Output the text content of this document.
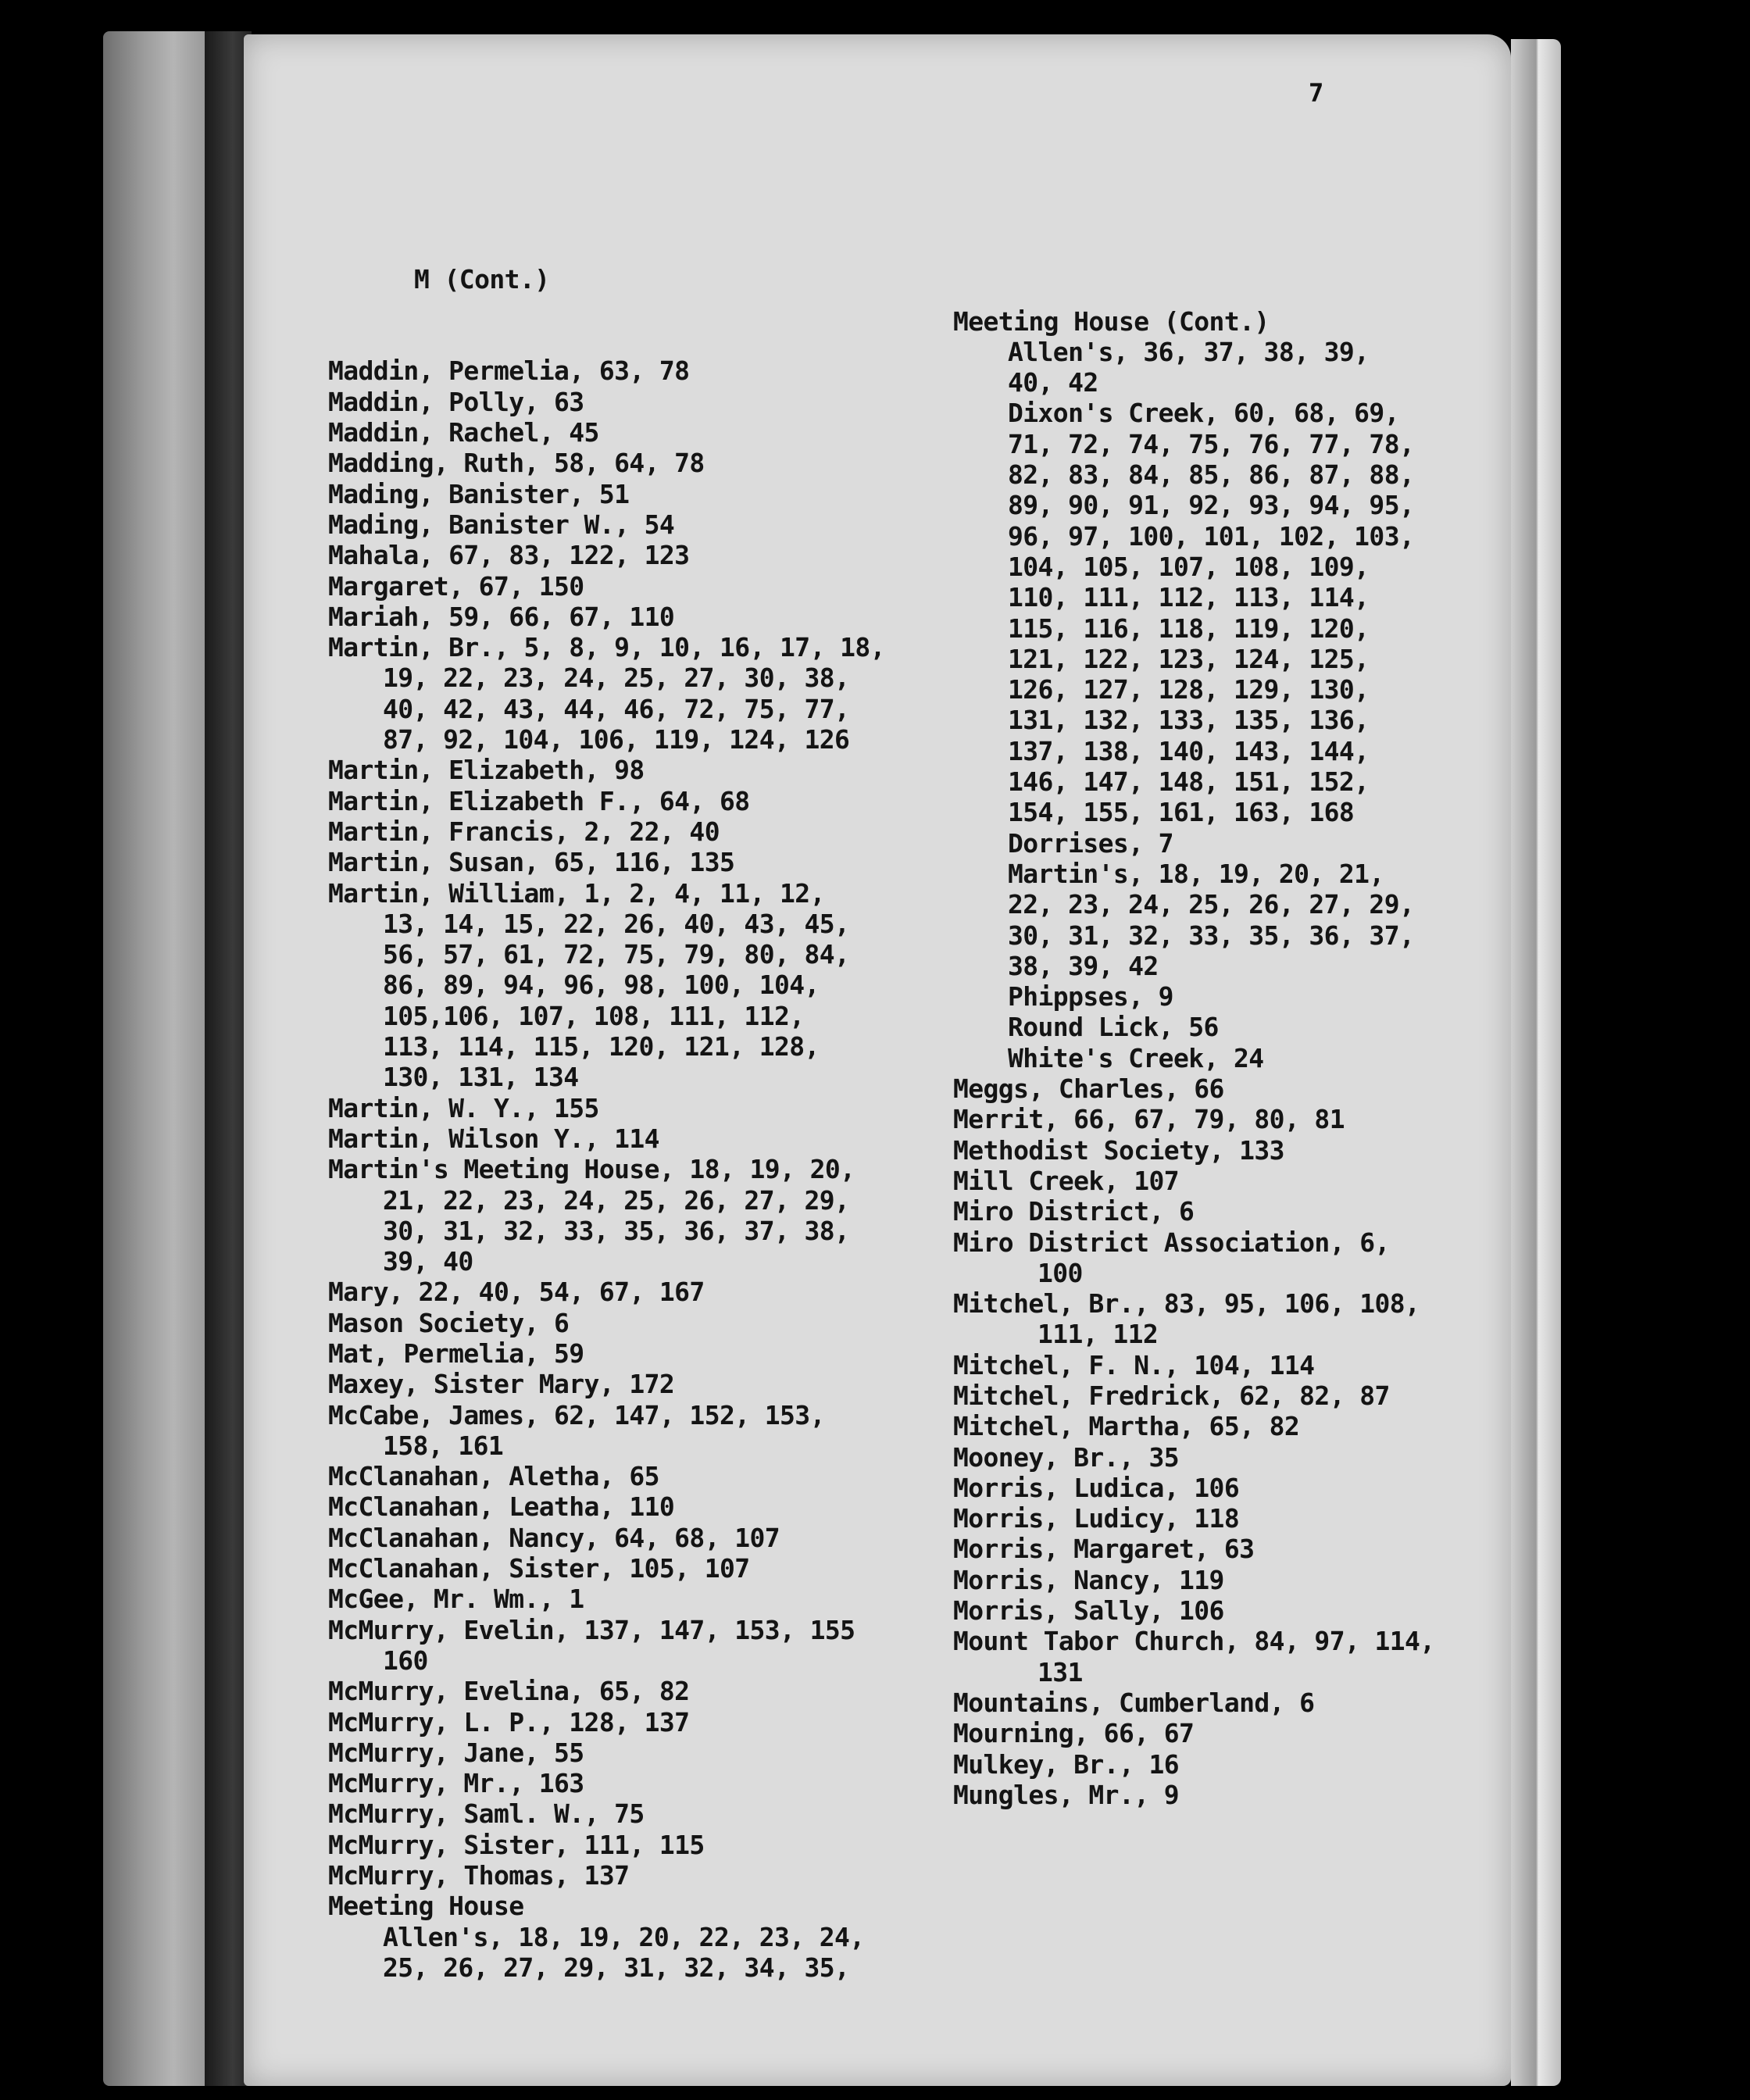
7

M (Cont.)

Maddin, Permelia, 63, 78
Maddin, Polly, 63
Maddin, Rachel, 45
Madding, Ruth, 58, 64, 78
Mading, Banister, 51
Mading, Banister W., 54
Mahala, 67, 83, 122, 123
Margaret, 67, 150
Mariah, 59, 66, 67, 110
Martin, Br., 5, 8, 9, 10, 16, 17, 18,
19, 22, 23, 24, 25, 27, 30, 38,
40, 42, 43, 44, 46, 72, 75, 77,
87, 92, 104, 106, 119, 124, 126
Martin, Elizabeth, 98
Martin, Elizabeth F., 64, 68
Martin, Francis, 2, 22, 40
Martin, Susan, 65, 116, 135
Martin, William, 1, 2, 4, 11, 12,
13, 14, 15, 22, 26, 40, 43, 45,
56, 57, 61, 72, 75, 79, 80, 84,
86, 89, 94, 96, 98, 100, 104,
105,106, 107, 108, 111, 112,
113, 114, 115, 120, 121, 128,
130, 131, 134
Martin, W. Y., 155
Martin, Wilson Y., 114
Martin's Meeting House, 18, 19, 20,
21, 22, 23, 24, 25, 26, 27, 29,
30, 31, 32, 33, 35, 36, 37, 38,
39, 40
Mary, 22, 40, 54, 67, 167
Mason Society, 6
Mat, Permelia, 59
Maxey, Sister Mary, 172
McCabe, James, 62, 147, 152, 153,
158, 161
McClanahan, Aletha, 65
McClanahan, Leatha, 110
McClanahan, Nancy, 64, 68, 107
McClanahan, Sister, 105, 107
McGee, Mr. Wm., 1
McMurry, Evelin, 137, 147, 153, 155
160
McMurry, Evelina, 65, 82
McMurry, L. P., 128, 137
McMurry, Jane, 55
McMurry, Mr., 163
McMurry, Saml. W., 75
McMurry, Sister, 111, 115
McMurry, Thomas, 137
Meeting House
Allen's, 18, 19, 20, 22, 23, 24,
25, 26, 27, 29, 31, 32, 34, 35,

Meeting House (Cont.)
Allen's, 36, 37, 38, 39,
40, 42
Dixon's Creek, 60, 68, 69,
71, 72, 74, 75, 76, 77, 78,
82, 83, 84, 85, 86, 87, 88,
89, 90, 91, 92, 93, 94, 95,
96, 97, 100, 101, 102, 103,
104, 105, 107, 108, 109,
110, 111, 112, 113, 114,
115, 116, 118, 119, 120,
121, 122, 123, 124, 125,
126, 127, 128, 129, 130,
131, 132, 133, 135, 136,
137, 138, 140, 143, 144,
146, 147, 148, 151, 152,
154, 155, 161, 163, 168
Dorrises, 7
Martin's, 18, 19, 20, 21,
22, 23, 24, 25, 26, 27, 29,
30, 31, 32, 33, 35, 36, 37,
38, 39, 42
Phippses, 9
Round Lick, 56
White's Creek, 24
Meggs, Charles, 66
Merrit, 66, 67, 79, 80, 81
Methodist Society, 133
Mill Creek, 107
Miro District, 6
Miro District Association, 6,
100
Mitchel, Br., 83, 95, 106, 108,
111, 112
Mitchel, F. N., 104, 114
Mitchel, Fredrick, 62, 82, 87
Mitchel, Martha, 65, 82
Mooney, Br., 35
Morris, Ludica, 106
Morris, Ludicy, 118
Morris, Margaret, 63
Morris, Nancy, 119
Morris, Sally, 106
Mount Tabor Church, 84, 97, 114,
131
Mountains, Cumberland, 6
Mourning, 66, 67
Mulkey, Br., 16
Mungles, Mr., 9
